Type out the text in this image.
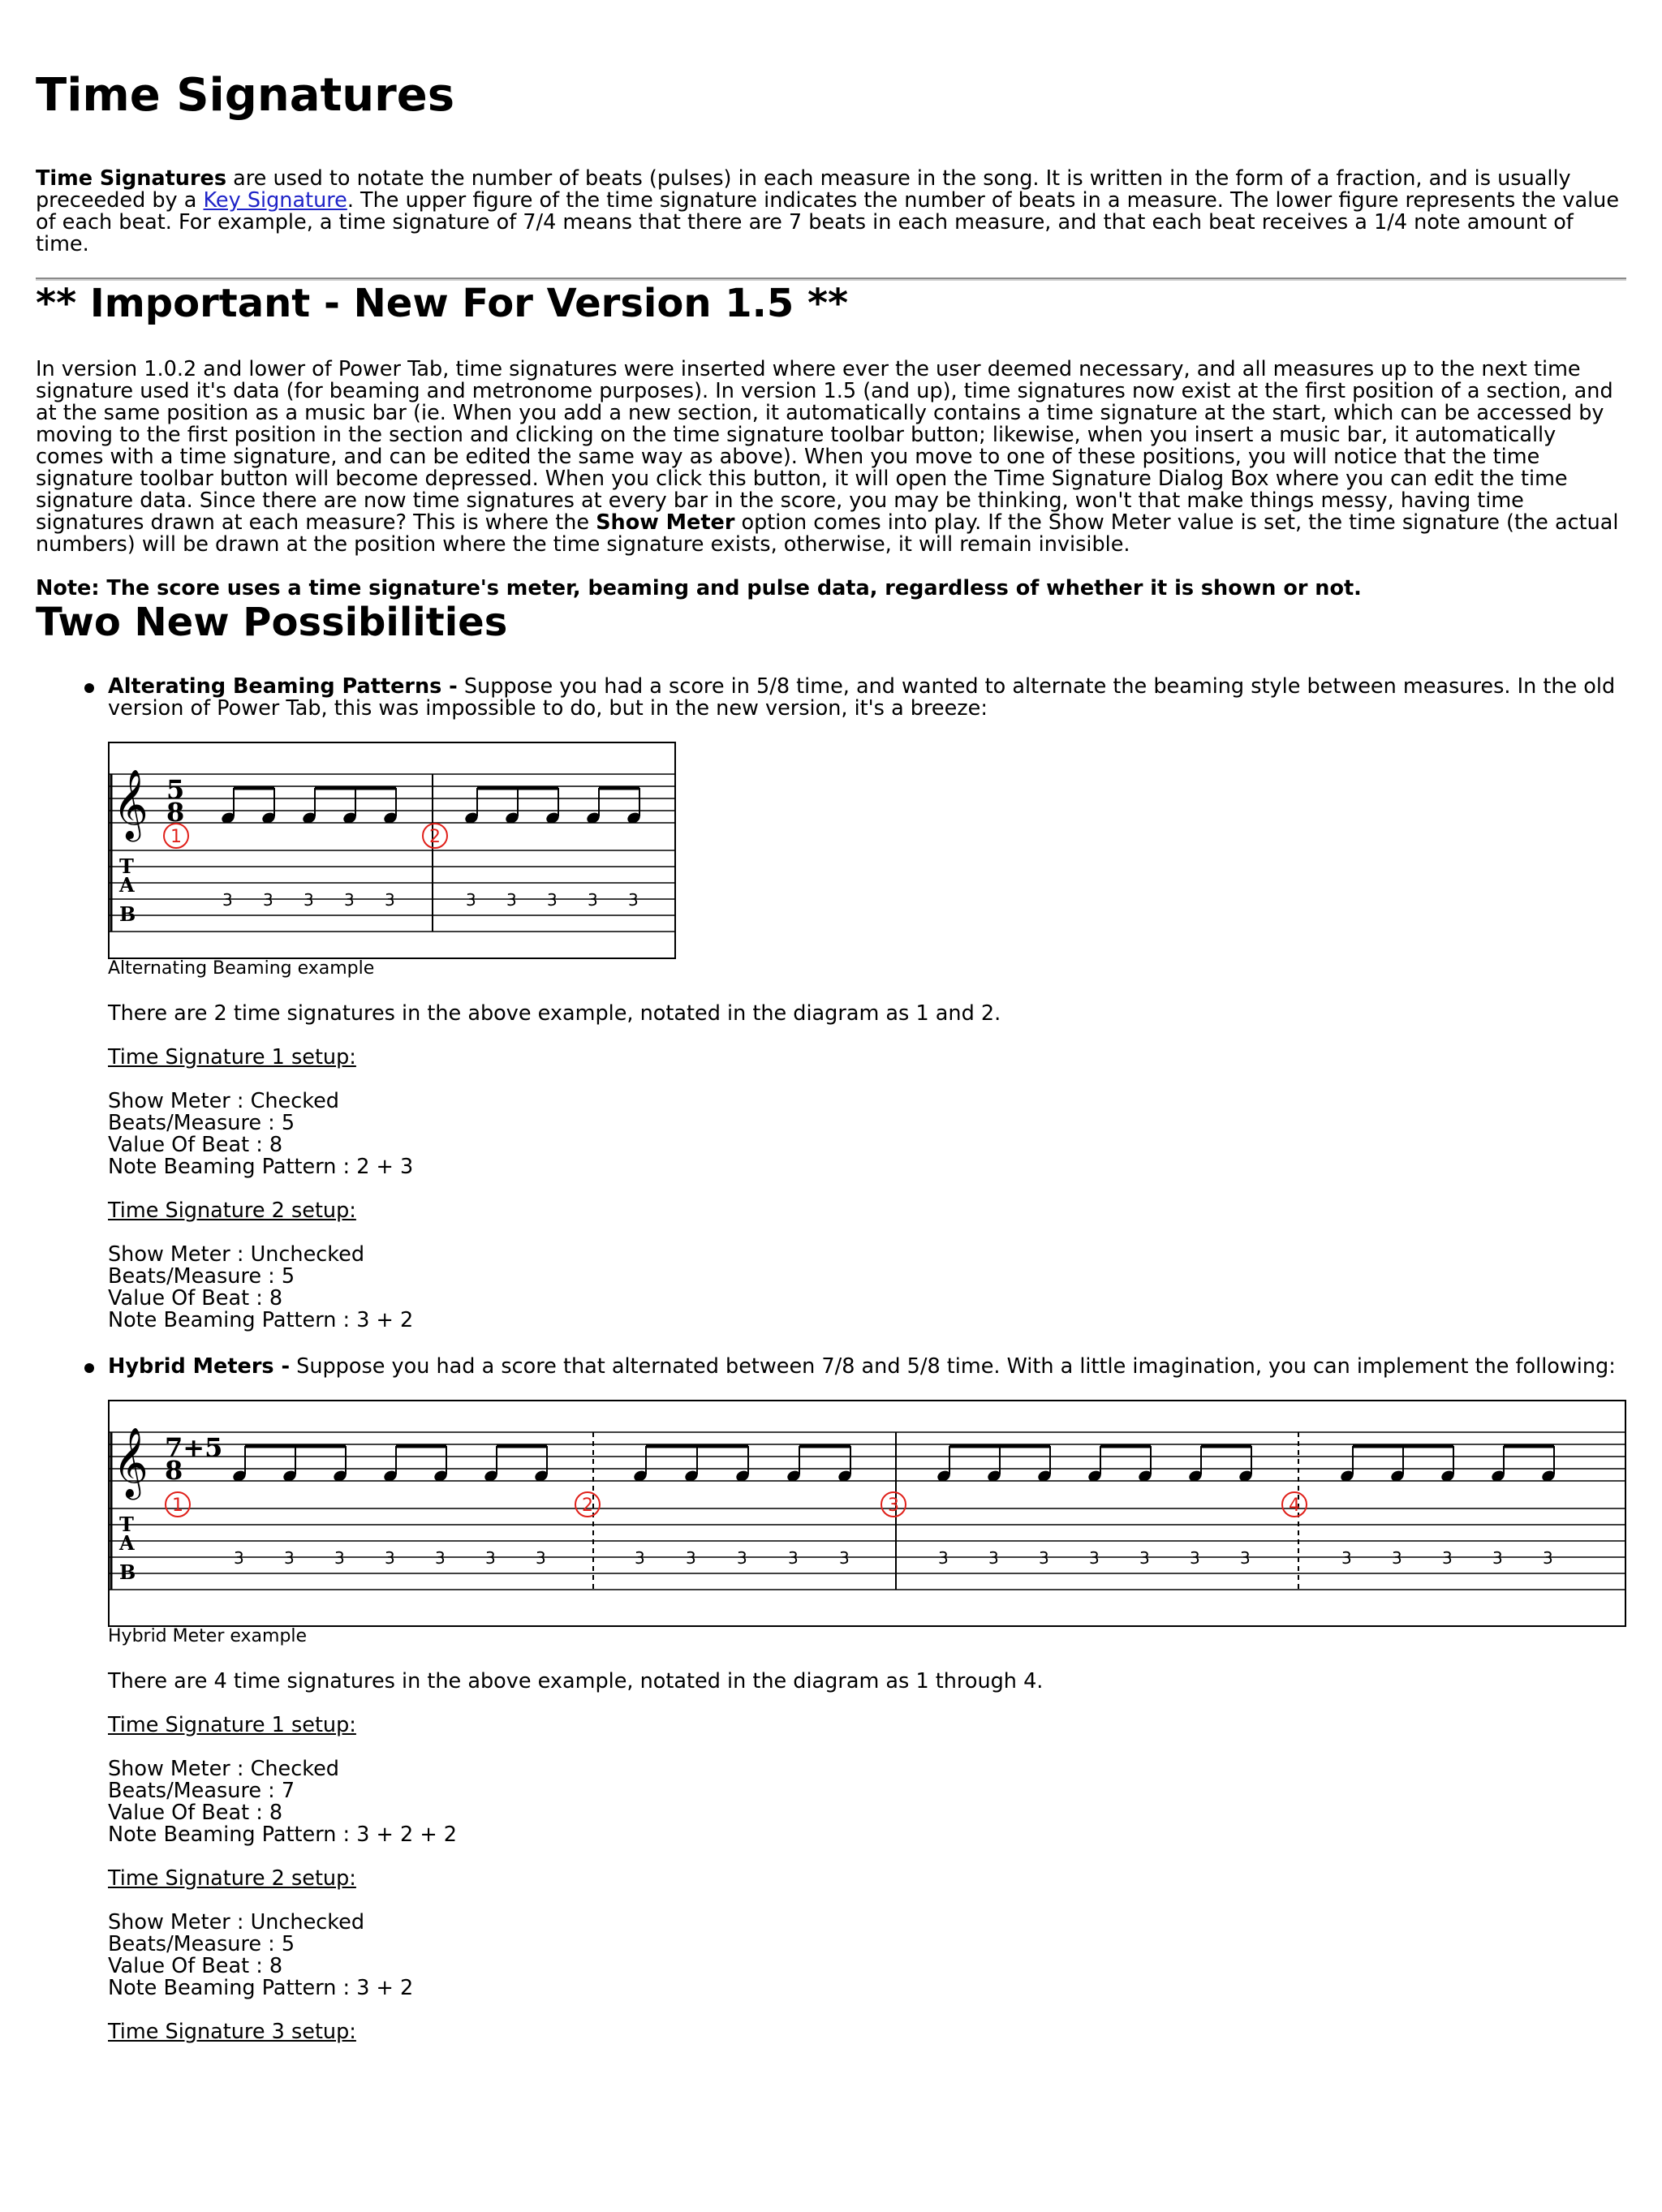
Time Signatures

Time Signatures are used to notate the number of beats (pulses) in each measure in the song. It is written in the form of a fraction, and is usually preceeded by a Key Signature. The upper figure of the time signature indicates the number of beats in a measure. The lower figure represents the value of each beat. For example, a time signature of 7/4 means that there are 7 beats in each measure, and that each beat receives a 1/4 note amount of time.

** Important - New For Version 1.5 **

In version 1.0.2 and lower of Power Tab, time signatures were inserted where ever the user deemed necessary, and all measures up to the next time signature used it's data (for beaming and metronome purposes). In version 1.5 (and up), time signatures now exist at the first position of a section, and at the same position as a music bar (ie. When you add a new section, it automatically contains a time signature at the start, which can be accessed by moving to the first position in the section and clicking on the time signature toolbar button; likewise, when you insert a music bar, it automatically comes with a time signature, and can be edited the same way as above). When you move to one of these positions, you will notice that the time signature toolbar button will become depressed. When you click this button, it will open the Time Signature Dialog Box where you can edit the time signature data. Since there are now time signatures at every bar in the score, you may be thinking, won't that make things messy, having time signatures drawn at each measure? This is where the Show Meter option comes into play. If the Show Meter value is set, the time signature (the actual numbers) will be drawn at the position where the time signature exists, otherwise, it will remain invisible.

Note: The score uses a time signature's meter, beaming and pulse data, regardless of whether it is shown or not.

Two New Possibilities
Alterating Beaming Patterns - Suppose you had a score in 5/8 time, and wanted to alternate the beaming style between measures. In the old version of Power Tab, this was impossible to do, but in the new version, it's a breeze:
𝄞 5
8
T
A
B
3 3 3 3 3	3 3 3 3 3
1	2
Alternating Beaming example

There are 2 time signatures in the above example, notated in the diagram as 1 and 2.

Time Signature 1 setup:
Show Meter : Checked
Beats/Measure : 5
Value Of Beat : 8
Note Beaming Pattern : 2 + 3
Time Signature 2 setup:
Show Meter : Unchecked
Beats/Measure : 5
Value Of Beat : 8
Note Beaming Pattern : 3 + 2
Hybrid Meters - Suppose you had a score that alternated between 7/8 and 5/8 time. With a little imagination, you can implement the following:
𝄞 7+5
8
T
A
B
3 3 3 3 3 3 3	3	3	3	3	3	3 3 3 3 3 3 3	3 3 3 3 3
1	2	3	4
Hybrid Meter example

There are 4 time signatures in the above example, notated in the diagram as 1 through 4.

Time Signature 1 setup:
Show Meter : Checked
Beats/Measure : 7
Value Of Beat : 8
Note Beaming Pattern : 3 + 2 + 2
Time Signature 2 setup:
Show Meter : Unchecked
Beats/Measure : 5
Value Of Beat : 8
Note Beaming Pattern : 3 + 2
Time Signature 3 setup:
